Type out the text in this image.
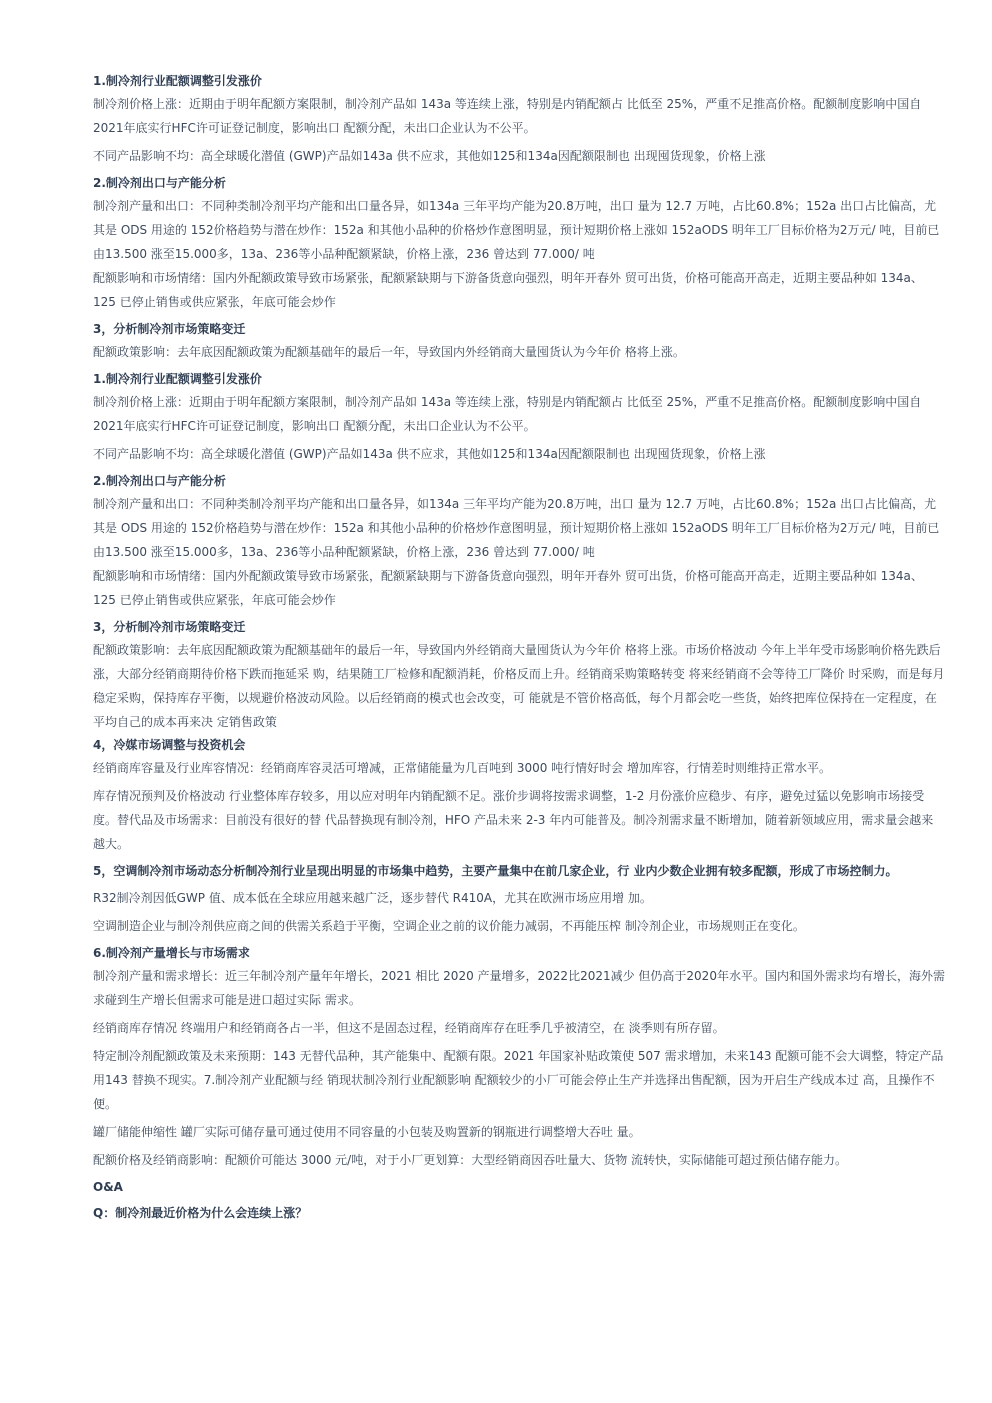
1.制冷剂行业配额调整引发涨价
制冷剂价格上涨：近期由于明年配额方案限制，制冷剂产品如 143a 等连续上涨，特别是内销配额占 比低至 25%，严重不足推高价格。配额制度影响中国自2021年底实行HFC许可证登记制度，影响出口 配额分配，未出口企业认为不公平。
不同产品影响不均：高全球暖化潜值 (GWP)产品如143a 供不应求，其他如125和134a因配额限制也 出现囤货现象，价格上涨
2.制冷剂出口与产能分析
制冷剂产量和出口：不同种类制冷剂平均产能和出口量各异，如134a 三年平均产能为20.8万吨，出口 量为 12.7 万吨，占比60.8%；152a 出口占比偏高，尤其是 ODS 用途的 152价格趋势与潜在炒作：152a 和其他小品种的价格炒作意图明显，预计短期价格上涨如 152aODS 明年工厂目标价格为2万元/ 吨，目前已由13.500 涨至15.000多，13a、236等小品种配额紧缺，价格上涨，236 曾达到 77.000/ 吨
配额影响和市场情绪：国内外配额政策导致市场紧张，配额紧缺期与下游备货意向强烈，明年开春外 贸可出货，价格可能高开高走，近期主要品种如 134a、125 已停止销售或供应紧张，年底可能会炒作
3，分析制冷剂市场策略变迁
配额政策影响：去年底因配额政策为配额基础年的最后一年，导致国内外经销商大量囤货认为今年价 格将上涨。
1.制冷剂行业配额调整引发涨价
制冷剂价格上涨：近期由于明年配额方案限制，制冷剂产品如 143a 等连续上涨，特别是内销配额占 比低至 25%，严重不足推高价格。配额制度影响中国自2021年底实行HFC许可证登记制度，影响出口 配额分配，未出口企业认为不公平。
不同产品影响不均：高全球暖化潜值 (GWP)产品如143a 供不应求，其他如125和134a因配额限制也 出现囤货现象，价格上涨
2.制冷剂出口与产能分析
制冷剂产量和出口：不同种类制冷剂平均产能和出口量各异，如134a 三年平均产能为20.8万吨，出口 量为 12.7 万吨，占比60.8%；152a 出口占比偏高，尤其是 ODS 用途的 152价格趋势与潜在炒作：152a 和其他小品种的价格炒作意图明显，预计短期价格上涨如 152aODS 明年工厂目标价格为2万元/ 吨，目前已由13.500 涨至15.000多，13a、236等小品种配额紧缺，价格上涨，236 曾达到 77.000/ 吨
配额影响和市场情绪：国内外配额政策导致市场紧张，配额紧缺期与下游备货意向强烈，明年开春外 贸可出货，价格可能高开高走，近期主要品种如 134a、125 已停止销售或供应紧张，年底可能会炒作
3，分析制冷剂市场策略变迁
配额政策影响：去年底因配额政策为配额基础年的最后一年，导致国内外经销商大量囤货认为今年价 格将上涨。市场价格波动 今年上半年受市场影响价格先跌后涨，大部分经销商期待价格下跌而拖延采 购，结果随工厂检修和配额消耗，价格反而上升。经销商采购策略转变 将来经销商不会等待工厂降价 时采购，而是每月稳定采购，保持库存平衡，以规避价格波动风险。以后经销商的模式也会改变，可 能就是不管价格高低，每个月都会吃一些货，始终把库位保持在一定程度，在平均自己的成本再来决 定销售政策
4，冷媒市场调整与投资机会
经销商库容量及行业库容情况：经销商库容灵活可增减，正常储能量为几百吨到 3000 吨行情好时会 增加库容，行情差时则维持正常水平。
库存情况预判及价格波动 行业整体库存较多，用以应对明年内销配额不足。涨价步调将按需求调整，1-2 月份涨价应稳步、有序，避免过猛以免影响市场接受度。替代品及市场需求：目前没有很好的替 代品替换现有制冷剂，HFO 产品未来 2-3 年内可能普及。制冷剂需求量不断增加，随着新领域应用，需求量会越来越大。
5，空调制冷剂市场动态分析制冷剂行业呈现出明显的市场集中趋势，主要产量集中在前几家企业，行 业内少数企业拥有较多配额，形成了市场控制力。
R32制冷剂因低GWP 值、成本低在全球应用越来越广泛，逐步替代 R410A，尤其在欧洲市场应用增 加。
空调制造企业与制冷剂供应商之间的供需关系趋于平衡，空调企业之前的议价能力减弱，不再能压榨 制冷剂企业，市场规则正在变化。
6.制冷剂产量增长与市场需求
制冷剂产量和需求增长：近三年制冷剂产量年年增长，2021 相比 2020 产量增多，2022比2021减少 但仍高于2020年水平。国内和国外需求均有增长，海外需求碰到生产增长但需求可能是进口超过实际 需求。
经销商库存情况 终端用户和经销商各占一半，但这不是固态过程，经销商库存在旺季几乎被清空，在 淡季则有所存留。
特定制冷剂配额政策及未来预期：143 无替代品种，其产能集中、配额有限。2021 年国家补贴政策使 507 需求增加，未来143 配额可能不会大调整，特定产品用143 替换不现实。7.制冷剂产业配额与经 销现状制冷剂行业配额影响 配额较少的小厂可能会停止生产并选择出售配额，因为开启生产线成本过 高，且操作不便。
罐厂储能伸缩性 罐厂实际可储存量可通过使用不同容量的小包装及购置新的钢瓶进行调整增大吞吐 量。
配额价格及经销商影响：配额价可能达 3000 元/吨，对于小厂更划算：大型经销商因吞吐量大、货物 流转快，实际储能可超过预估储存能力。
O&A
Q：制冷剂最近价格为什么会连续上涨？
